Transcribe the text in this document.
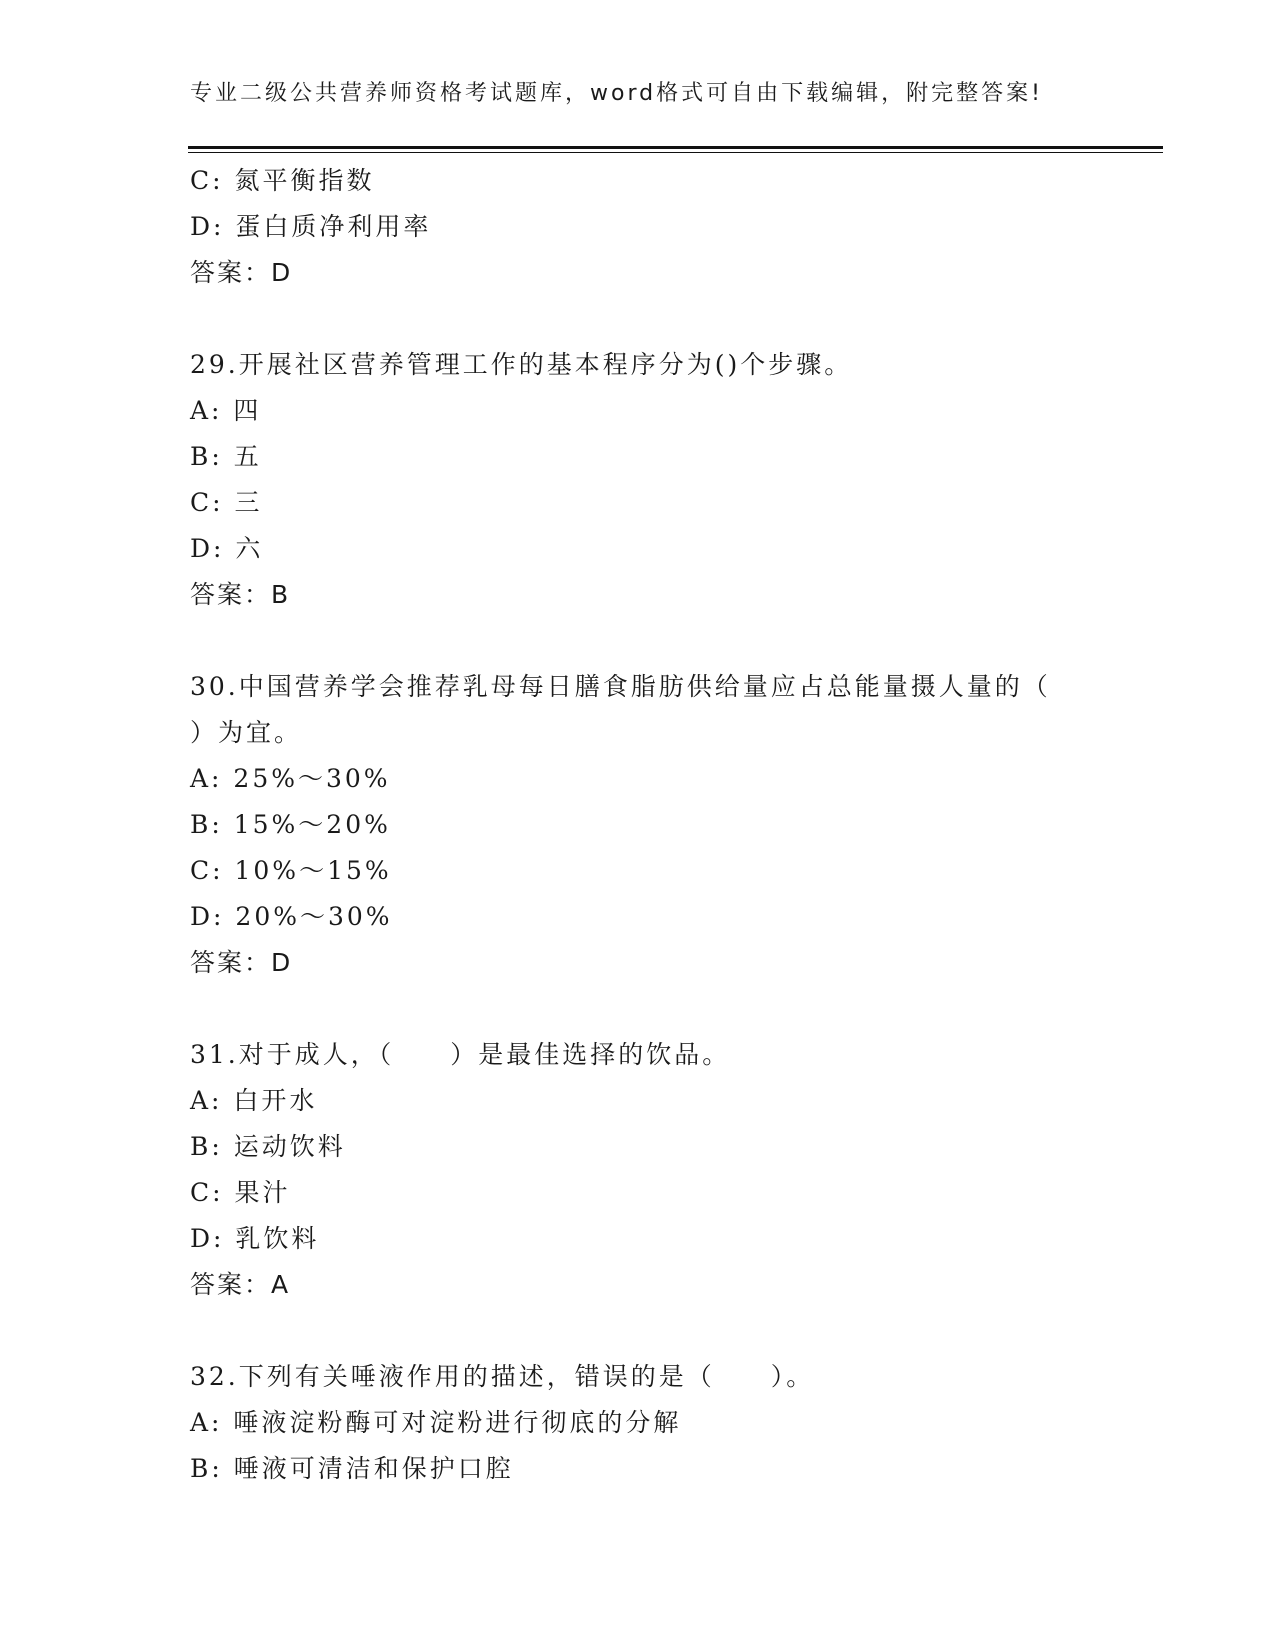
专业二级公共营养师资格考试题库，word格式可自由下载编辑，附完整答案!
C: 氮平衡指数
D: 蛋白质净利用率
答案：D
29.开展社区营养管理工作的基本程序分为()个步骤。
A: 四
B: 五
C: 三
D: 六
答案：B
30.中国营养学会推荐乳母每日膳食脂肪供给量应占总能量摄人量的（
）为宜。
A: 25%～30%
B: 15%～20%
C: 10%～15%
D: 20%～30%
答案：D
31.对于成人，（　　）是最佳选择的饮品。
A: 白开水
B: 运动饮料
C: 果汁
D: 乳饮料
答案：A
32.下列有关唾液作用的描述，错误的是（　　）。
A: 唾液淀粉酶可对淀粉进行彻底的分解
B: 唾液可清洁和保护口腔
